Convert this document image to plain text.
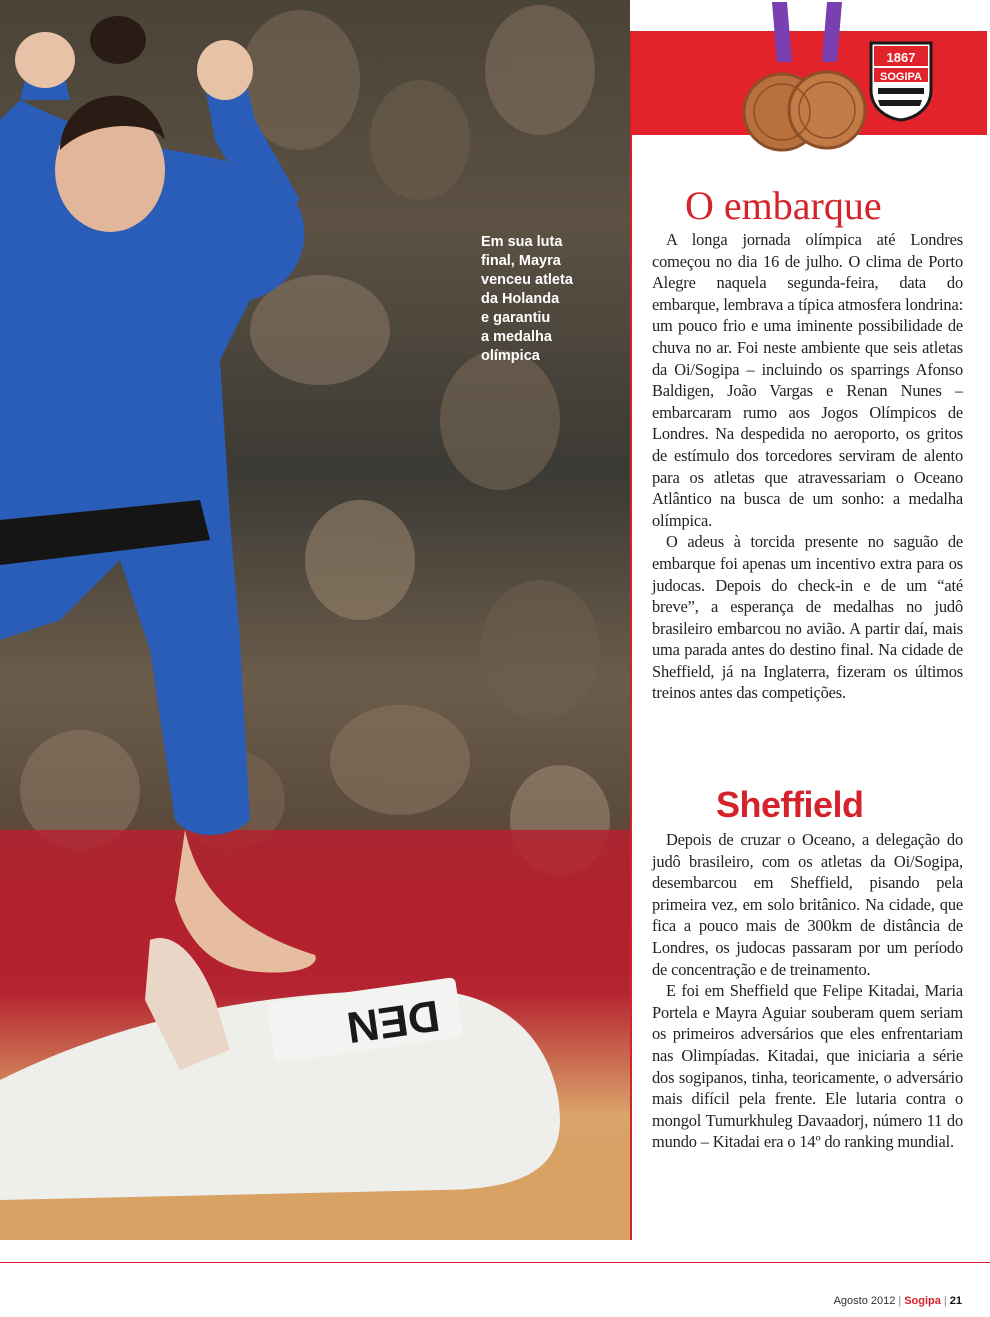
DEN
Em sua luta
final, Mayra
venceu atleta
da Holanda
e garantiu
a medalha
olímpica
1867
SOGIPA
O embarque

A longa jornada olímpica até Londres começou no dia 16 de julho. O clima de Porto Alegre naquela segunda-feira, data do embarque, lembrava a típica atmosfera londrina: um pouco frio e uma iminente possibilidade de chuva no ar. Foi neste ambiente que seis atletas da Oi/Sogipa – incluindo os sparrings Afonso Baldigen, João Vargas e Renan Nunes – embarcaram rumo aos Jogos Olímpicos de Londres. Na despedida no aeroporto, os gritos de estímulo dos torcedores serviram de alento para os atletas que atravessariam o Oceano Atlântico na busca de um sonho: a medalha olímpica.

O adeus à torcida presente no saguão de embarque foi apenas um incentivo extra para os judocas. Depois do check-in e de um “até breve”, a esperança de medalhas no judô brasileiro embarcou no avião. A partir daí, mais uma parada antes do destino final. Na cidade de Sheffield, já na Inglaterra, fizeram os últimos treinos antes das competições.

Sheffield

Depois de cruzar o Oceano, a delegação do judô brasileiro, com os atletas da Oi/Sogipa, desembarcou em Sheffield, pisando pela primeira vez, em solo britânico. Na cidade, que fica a pouco mais de 300km de distância de Londres, os judocas passaram por um período de concentração e de treinamento.

E foi em Sheffield que Felipe Kitadai, Maria Portela e Mayra Aguiar souberam quem seriam os primeiros adversários que eles enfrentariam nas Olimpíadas. Kitadai, que iniciaria a série dos sogipanos, tinha, teoricamente, o adversário mais difícil pela frente. Ele lutaria contra o mongol Tumurkhuleg Davaadorj, número 11 do mundo – Kitadai era o 14º do ranking mundial.

Agosto 2012 | Sogipa | 21
